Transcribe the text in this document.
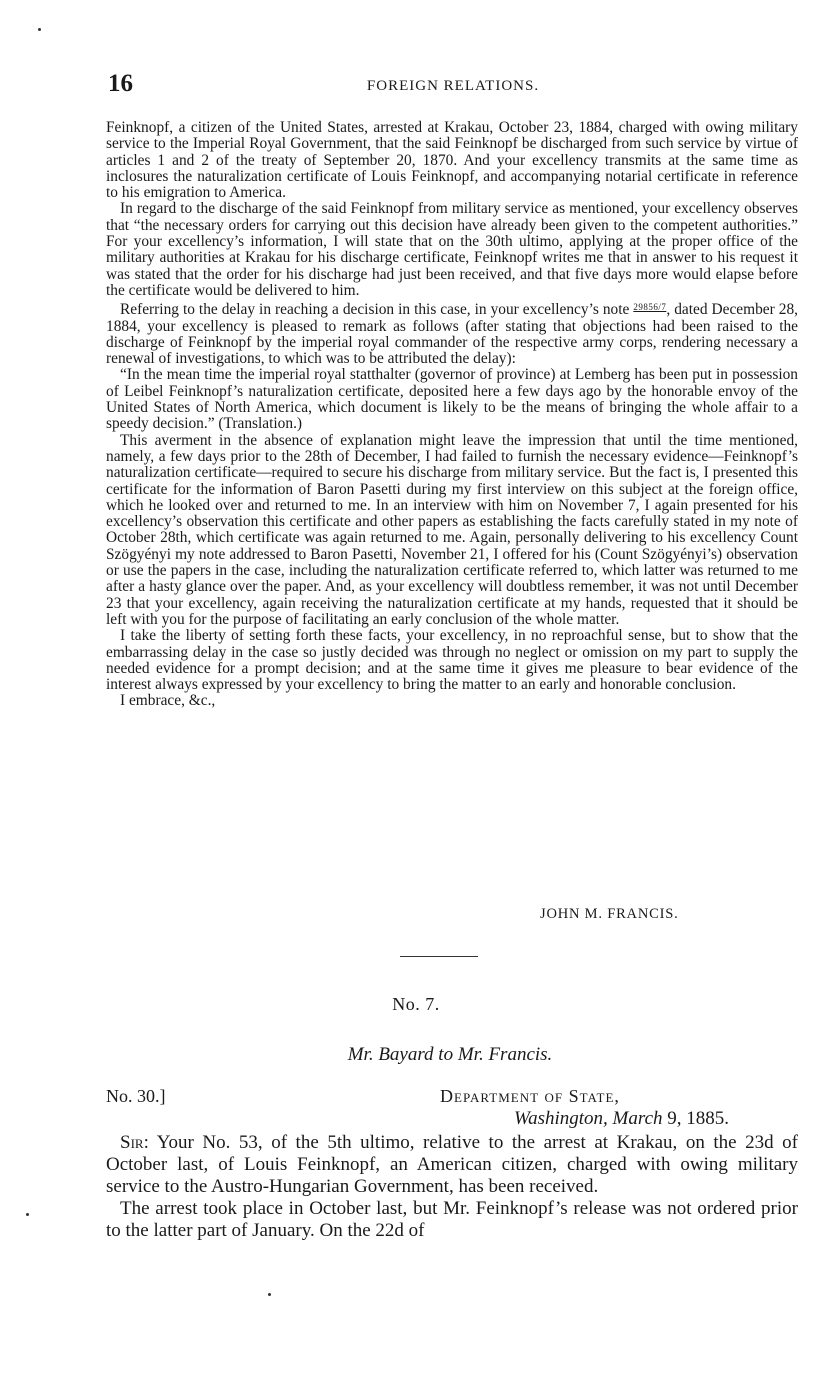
16	FOREIGN RELATIONS.

Feinknopf, a citizen of the United States, arrested at Krakau, October 23, 1884, charged with owing military service to the Imperial Royal Government, that the said Feinknopf be discharged from such service by virtue of articles 1 and 2 of the treaty of September 20, 1870. And your excellency transmits at the same time as inclosures the naturalization certificate of Louis Feinknopf, and accompanying notarial certificate in reference to his emigration to America.

In regard to the discharge of the said Feinknopf from military service as mentioned, your excellency observes that “the necessary orders for carrying out this decision have already been given to the competent authorities.” For your excellency’s information, I will state that on the 30th ultimo, applying at the proper office of the military authorities at Krakau for his discharge certificate, Feinknopf writes me that in answer to his request it was stated that the order for his discharge had just been received, and that five days more would elapse before the certificate would be delivered to him.

Referring to the delay in reaching a decision in this case, in your excellency’s note $^{29856/7}$, dated December 28, 1884, your excellency is pleased to remark as follows (after stating that objections had been raised to the discharge of Feinknopf by the imperial royal commander of the respective army corps, rendering necessary a renewal of investigations, to which was to be attributed the delay):

“In the mean time the imperial royal statthalter (governor of province) at Lemberg has been put in possession of Leibel Feinknopf’s naturalization certificate, deposited here a few days ago by the honorable envoy of the United States of North America, which document is likely to be the means of bringing the whole affair to a speedy decision.” (Translation.)

This averment in the absence of explanation might leave the impression that until the time mentioned, namely, a few days prior to the 28th of December, I had failed to furnish the necessary evidence—Feinknopf’s naturalization certificate—required to secure his discharge from military service. But the fact is, I presented this certificate for the information of Baron Pasetti during my first interview on this subject at the foreign office, which he looked over and returned to me. In an interview with him on November 7, I again presented for his excellency’s observation this certificate and other papers as establishing the facts carefully stated in my note of October 28th, which certificate was again returned to me. Again, personally delivering to his excellency Count Szögyényi my note addressed to Baron Pasetti, November 21, I offered for his (Count Szögyényi’s) observation or use the papers in the case, including the naturalization certificate referred to, which latter was returned to me after a hasty glance over the paper. And, as your excellency will doubtless remember, it was not until December 23 that your excellency, again receiving the naturalization certificate at my hands, requested that it should be left with you for the purpose of facilitating an early conclusion of the whole matter.

I take the liberty of setting forth these facts, your excellency, in no reproachful sense, but to show that the embarrassing delay in the case so justly decided was through no neglect or omission on my part to supply the needed evidence for a prompt decision; and at the same time it gives me pleasure to bear evidence of the interest always expressed by your excellency to bring the matter to an early and honorable conclusion.

I embrace, &c.,

JOHN M. FRANCIS.
No. 7.
Mr. Bayard to Mr. Francis.
No. 30.]	Department of State,
Washington, March 9, 1885.

Sir: Your No. 53, of the 5th ultimo, relative to the arrest at Krakau, on the 23d of October last, of Louis Feinknopf, an American citizen, charged with owing military service to the Austro-Hungarian Government, has been received.

The arrest took place in October last, but Mr. Feinknopf’s release was not ordered prior to the latter part of January. On the 22d of
